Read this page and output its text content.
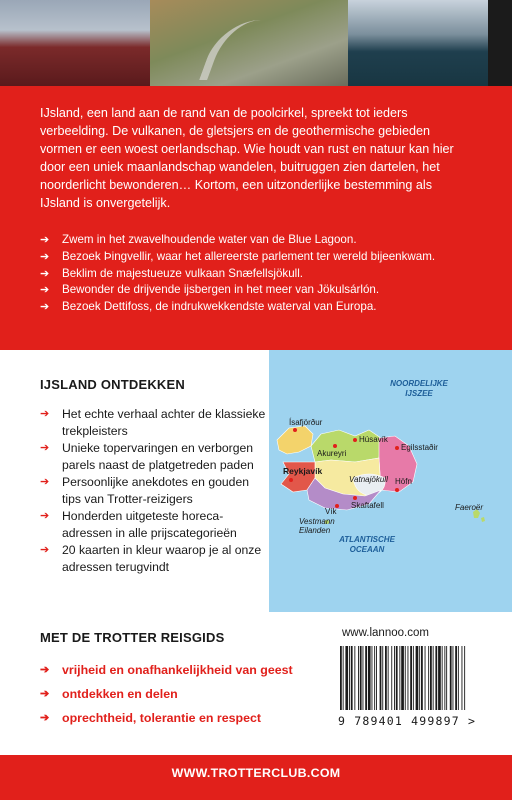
IJsland, een land aan de rand van de poolcirkel, spreekt tot ieders verbeelding. De vulkanen, de gletsjers en de geothermische gebieden vormen er een woest oerlandschap. Wie houdt van rust en natuur kan hier door een uniek maanlandschap wandelen, buitruggen zien dartelen, het noorderlicht bewonderen… Kortom, een uitzonderlijke bestemming als IJsland is onvergetelijk.

➔	Zwem in het zwavelhoudende water van de Blue Lagoon.
➔	Bezoek Þingvellir, waar het allereerste parlement ter wereld bijeenkwam.
➔	Beklim de majestueuze vulkaan Snæfellsjökull.
➔	Bewonder de drijvende ijsbergen in het meer van Jökulsárlón.
➔	Bezoek Dettifoss, de indrukwekkendste waterval van Europa.
IJSLAND ONTDEKKEN
➔	Het echte verhaal achter de klassieke trekpleisters
➔	Unieke topervaringen en verborgen parels naast de platgetreden paden
➔	Persoonlijke anekdotes en gouden tips van Trotter-reizigers
➔	Honderden uitgeteste horeca-adressen in alle prijscategorieën
➔	20 kaarten in kleur waarop je al onze adressen terugvindt
NOORDELIJKE
IJSZEE
ATLANTISCHE
OCEAAN
Ísafjörður
Akureyri
Húsavík
Egilsstaðir
Reykjavík
Vatnajökull Höfn
Skaftafell
Vík
Vestmann
Eilanden
Faeroër
MET DE TROTTER REISGIDS
➔	vrijheid en onafhankelijkheid van geest
➔	ontdekken en delen
➔	oprechtheid, tolerantie en respect
www.lannoo.com
9 789401 499897 >
WWW.TROTTERCLUB.COM
